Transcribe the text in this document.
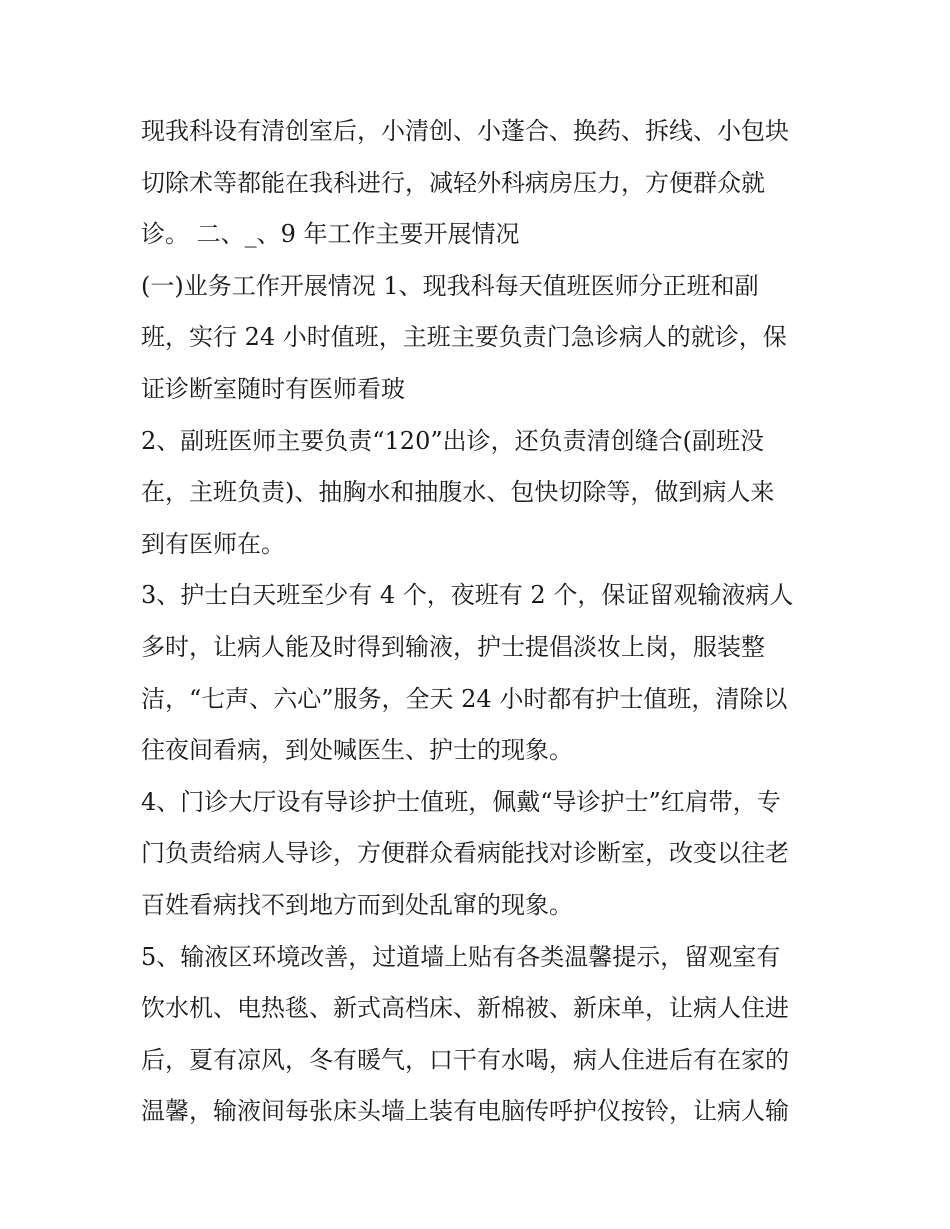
现我科设有清创室后，小清创、小蓬合、换药、拆线、小包块
切除术等都能在我科进行，减轻外科病房压力，方便群众就
诊。 二、_、9 年工作主要开展情况
(一)业务工作开展情况 1、现我科每天值班医师分正班和副
班，实行 24 小时值班，主班主要负责门急诊病人的就诊，保
证诊断室随时有医师看玻
2、副班医师主要负责“120”出诊，还负责清创缝合(副班没
在，主班负责)、抽胸水和抽腹水、包快切除等，做到病人来
到有医师在。
3、护士白天班至少有 4 个，夜班有 2 个，保证留观输液病人
多时，让病人能及时得到输液，护士提倡淡妆上岗，服装整
洁，“七声、六心”服务，全天 24 小时都有护士值班，清除以
往夜间看病，到处喊医生、护士的现象。
4、门诊大厅设有导诊护士值班，佩戴“导诊护士”红肩带，专
门负责给病人导诊，方便群众看病能找对诊断室，改变以往老
百姓看病找不到地方而到处乱窜的现象。
5、输液区环境改善，过道墙上贴有各类温馨提示，留观室有
饮水机、电热毯、新式高档床、新棉被、新床单，让病人住进
后，夏有凉风，冬有暖气，口干有水喝，病人住进后有在家的
温馨，输液间每张床头墙上装有电脑传呼护仪按铃，让病人输
